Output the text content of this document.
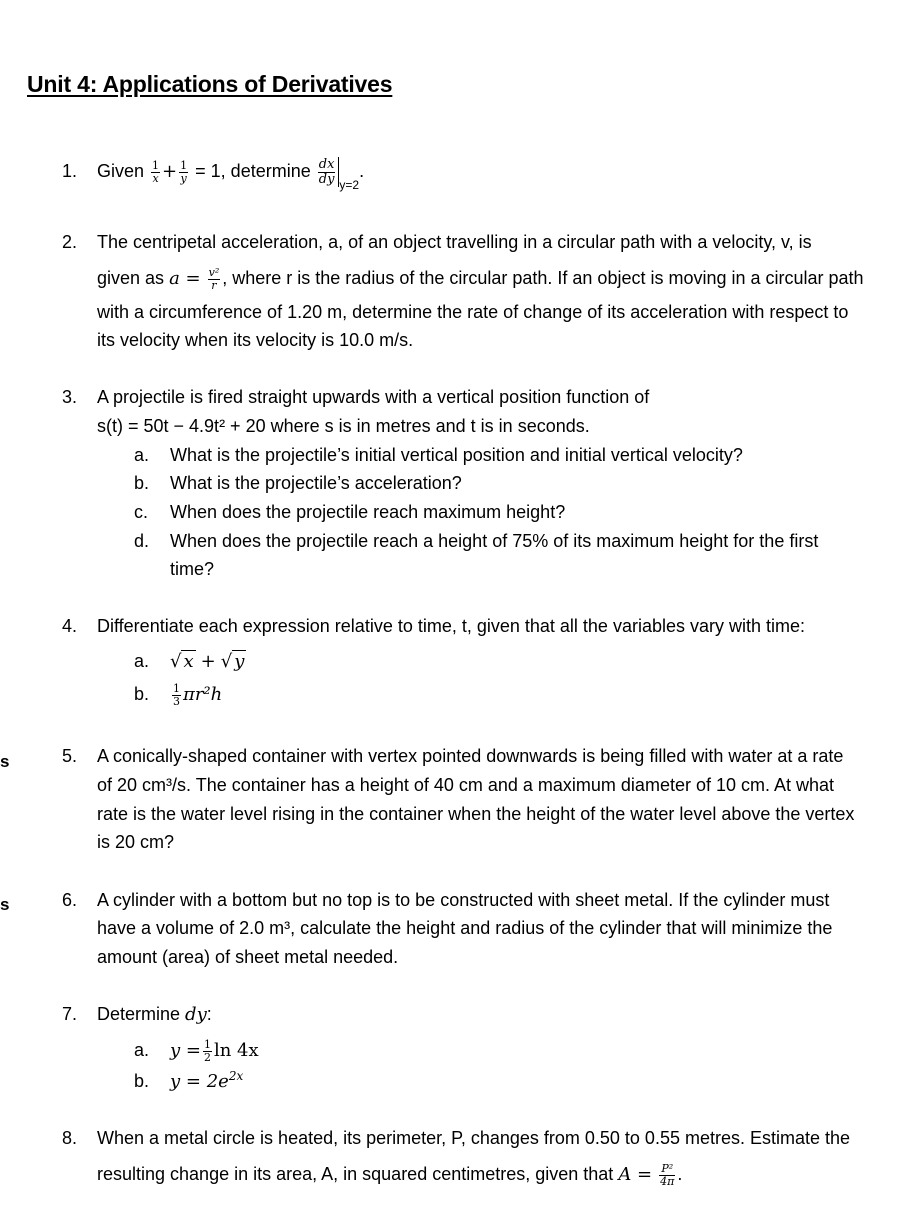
Unit 4: Applications of Derivatives
s
s
1. Given $\frac{1}{x} + \frac{1}{y} = 1$, determine $\frac{dx}{dy} _{y=2}$.
2. The centripetal acceleration, a, of an object travelling in a circular path with a velocity, v, is
given as $a = \frac{\text{v²}}{r}$ , where r is the radius of the circular path. If an object is moving in a circular path
with a circumference of 1.20 m, determine the rate of change of its acceleration with respect to
its velocity when its velocity is 10.0 m/s.
3. A projectile is fired straight upwards with a vertical position function of
s(t) = 50t − 4.9t² + 20 where s is in metres and t is in seconds.
a. What is the projectile’s initial vertical position and initial vertical velocity?
b. What is the projectile’s acceleration?
c. When does the projectile reach maximum height?
d. When does the projectile reach a height of 75% of its maximum height for the first
time?
4. Differentiate each expression relative to time, t, given that all the variables vary with time:
a. √ x + √ y
b. $\frac{1}{3} \pi r^2h$
5. A conically-shaped container with vertex pointed downwards is being filled with water at a rate
of 20 cm³/s. The container has a height of 40 cm and a maximum diameter of 10 cm. At what
rate is the water level rising in the container when the height of the water level above the vertex
is 20 cm?
6. A cylinder with a bottom but no top is to be constructed with sheet metal. If the cylinder must
have a volume of 2.0 m³, calculate the height and radius of the cylinder that will minimize the
amount (area) of sheet metal needed.
7. Determine dy:
a. $y = \frac{1}{2}$ ln 4x
b. $y = 2e^{2x}$
8. When a metal circle is heated, its perimeter, P, changes from 0.50 to 0.55 metres. Estimate the
resulting change in its area, A, in squared centimetres, given that $A = \frac{\text{P²}}{4\pi}$ .
